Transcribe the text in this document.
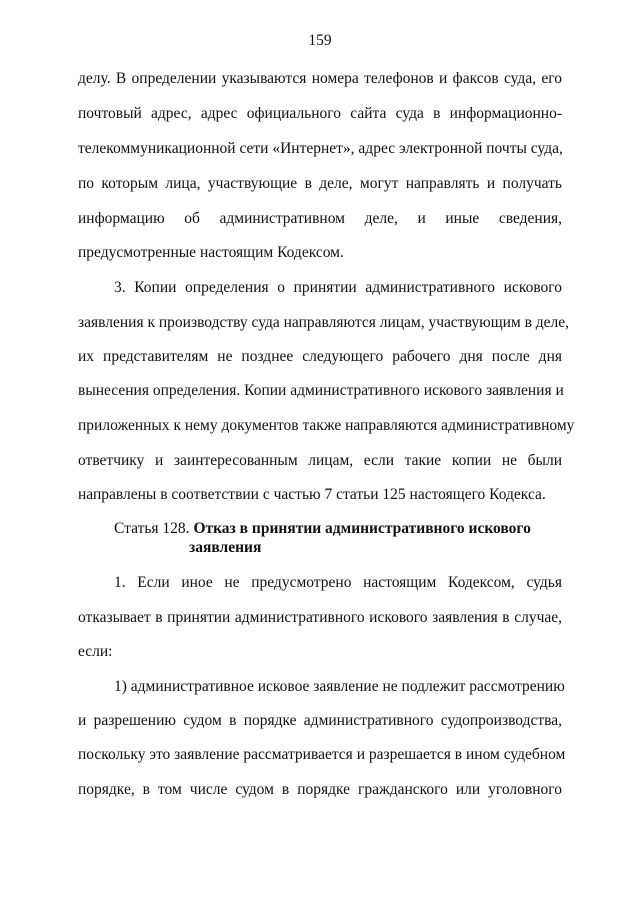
159
делу. В определении указываются номера телефонов и факсов суда, его
почтовый адрес, адрес официального сайта суда в информационно-
телекоммуникационной сети «Интернет», адрес электронной почты суда,
по которым лица, участвующие в деле, могут направлять и получать
информацию об административном деле, и иные сведения,
предусмотренные настоящим Кодексом.
3. Копии определения о принятии административного искового
заявления к производству суда направляются лицам, участвующим в деле,
их представителям не позднее следующего рабочего дня после дня
вынесения определения. Копии административного искового заявления и
приложенных к нему документов также направляются административному
ответчику и заинтересованным лицам, если такие копии не были
направлены в соответствии с частью 7 статьи 125 настоящего Кодекса.
Статья 128. Отказ в принятии административного искового
заявления
1. Если иное не предусмотрено настоящим Кодексом, судья
отказывает в принятии административного искового заявления в случае,
если:
1) административное исковое заявление не подлежит рассмотрению
и разрешению судом в порядке административного судопроизводства,
поскольку это заявление рассматривается и разрешается в ином судебном
порядке, в том числе судом в порядке гражданского или уголовного
